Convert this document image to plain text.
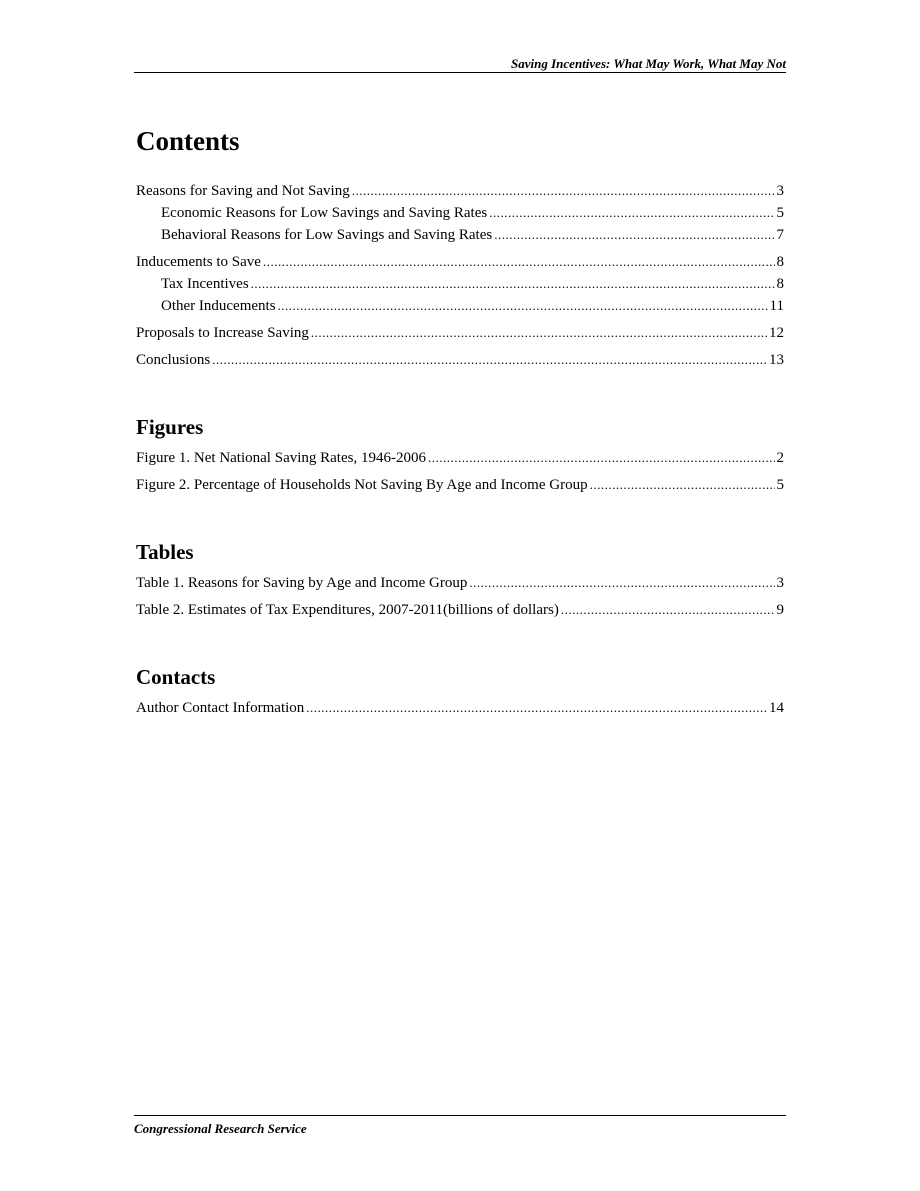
Saving Incentives: What May Work, What May Not
Contents
Reasons for Saving and Not Saving .....	3
Economic Reasons for Low Savings and Saving Rates .....	5
Behavioral Reasons for Low Savings and Saving Rates .....	7
Inducements to Save .....	8
Tax Incentives .....	8
Other Inducements .....	11
Proposals to Increase Saving .....	12
Conclusions .....	13
Figures
Figure 1. Net National Saving Rates, 1946-2006 .....	2
Figure 2. Percentage of Households Not Saving By Age and Income Group .....	5
Tables
Table 1. Reasons for Saving by Age and Income Group .....	3
Table 2. Estimates of Tax Expenditures, 2007-2011(billions of dollars) .....	9
Contacts
Author Contact Information .....	14
Congressional Research Service
